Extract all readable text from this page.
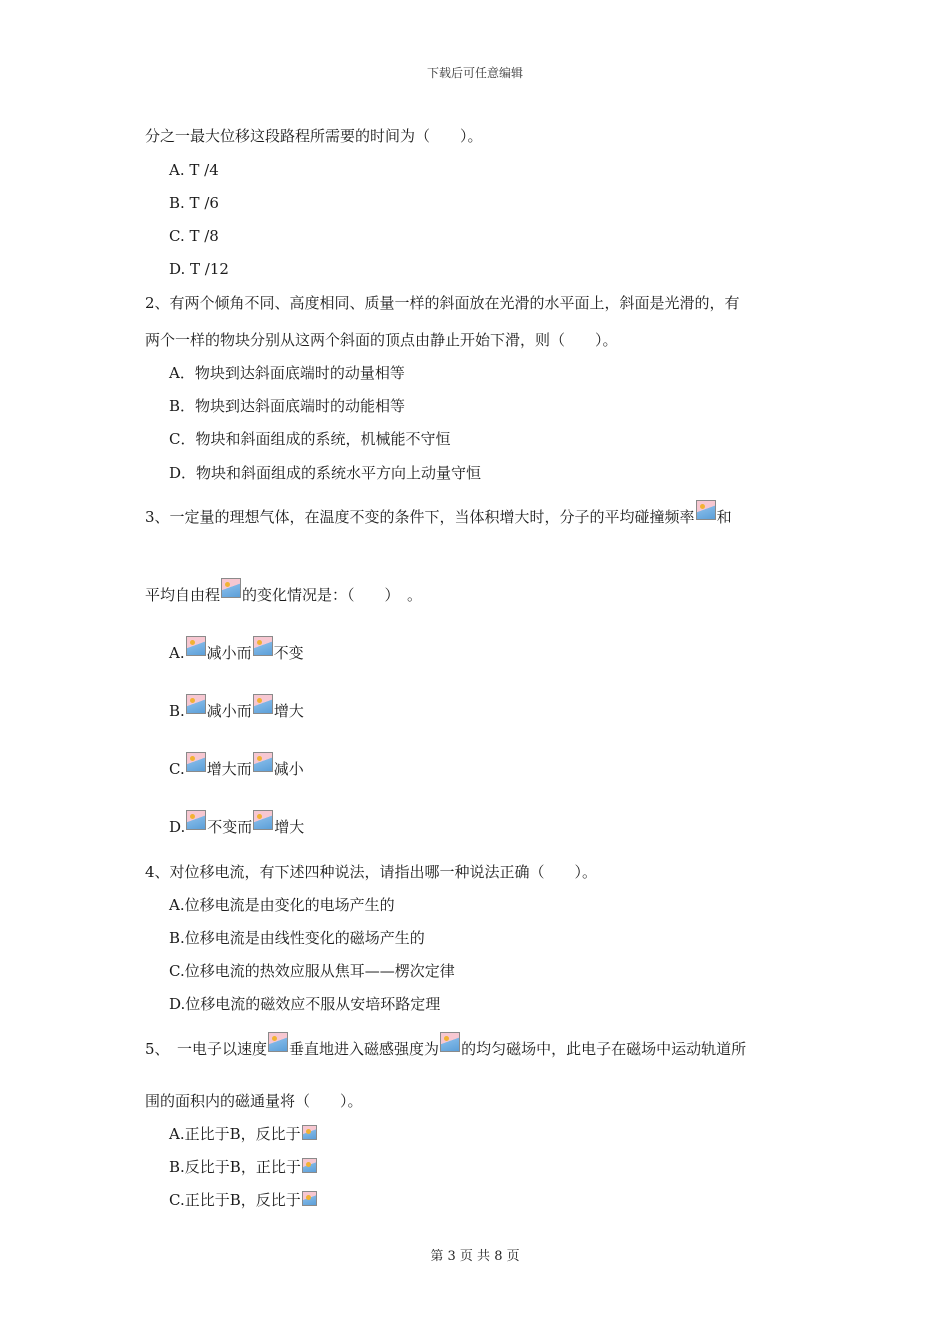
下载后可任意编辑
分之一最大位移这段路程所需要的时间为（　　）。
A. T /4
B. T /6
C. T /8
D. T /12
2、有两个倾角不同、高度相同、质量一样的斜面放在光滑的水平面上，斜面是光滑的，有
两个一样的物块分别从这两个斜面的顶点由静止开始下滑，则（　　）。
A．物块到达斜面底端时的动量相等
B．物块到达斜面底端时的动能相等
C．物块和斜面组成的系统，机械能不守恒
D．物块和斜面组成的系统水平方向上动量守恒
3、一定量的理想气体，在温度不变的条件下，当体积增大时，分子的平均碰撞频率 和
平均自由程 的变化情况是：（　　）　。
A. 减小而 不变
B. 减小而 增大
C. 增大而 减小
D. 不变而 增大
4、对位移电流，有下述四种说法，请指出哪一种说法正确（　　）。
A.位移电流是由变化的电场产生的
B.位移电流是由线性变化的磁场产生的
C.位移电流的热效应服从焦耳——楞次定律
D.位移电流的磁效应不服从安培环路定理
5、　一电子以速度 垂直地进入磁感强度为 的均匀磁场中，此电子在磁场中运动轨道所
围的面积内的磁通量将（　　）。
A.正比于B，反比于
B.反比于B，正比于
C.正比于B，反比于
第 3 页 共 8 页
